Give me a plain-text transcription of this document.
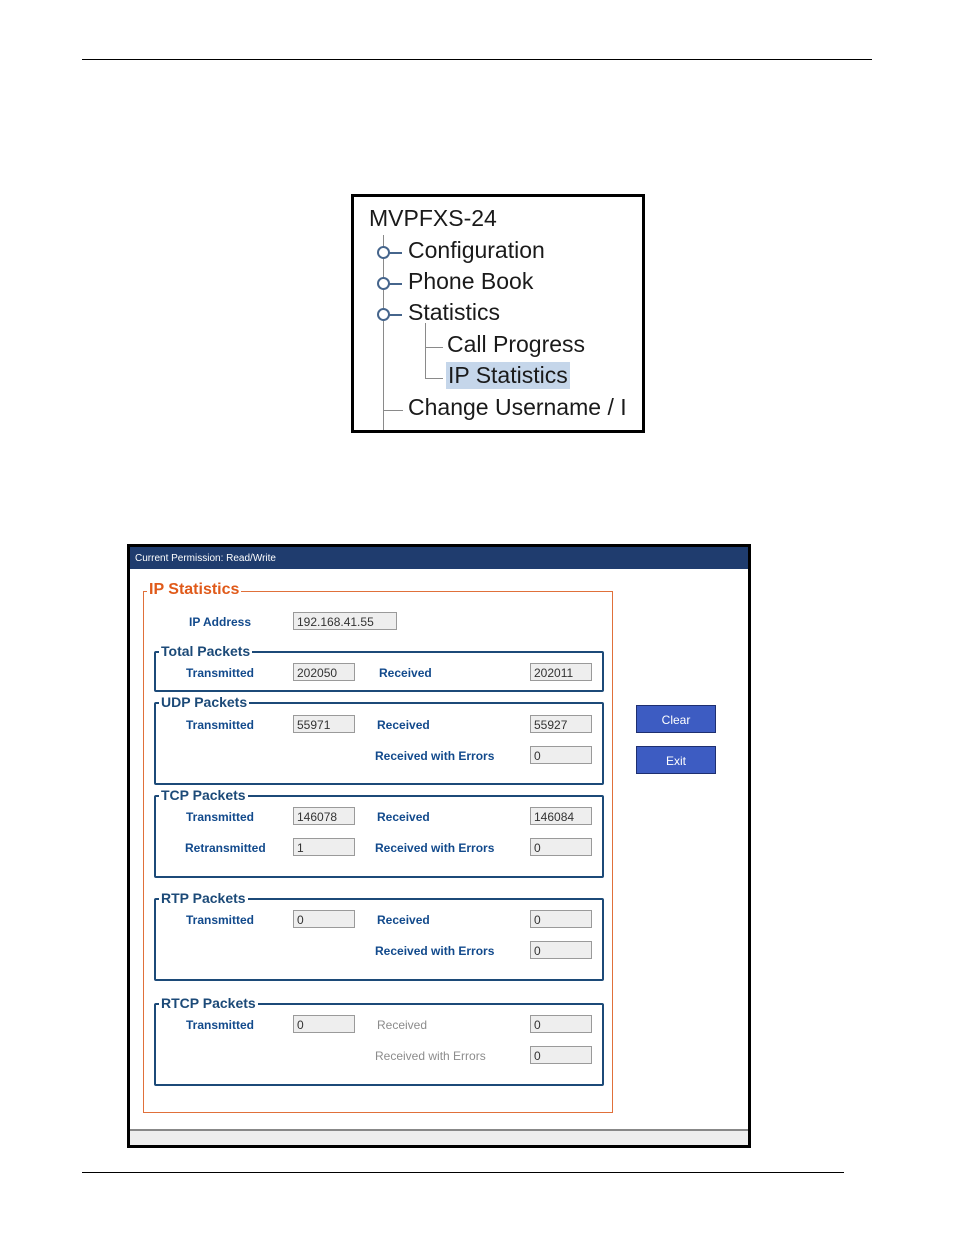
MVPFXS-24
Configuration
Phone Book
Statistics
Call Progress
IP Statistics
Change Username / I
Current Permission: Read/Write
IP Statistics
IP Address	192.168.41.55
Total Packets
Transmitted	202050	Received	202011
UDP Packets
Transmitted	55971	Received	55927
Received with Errors	0
TCP Packets
Transmitted	146078	Received	146084
Retransmitted	1	Received with Errors	0
RTP Packets
Transmitted	0	Received	0
Received with Errors	0
RTCP Packets
Transmitted	0	Received	0
Received with Errors	0
Clear
Exit
